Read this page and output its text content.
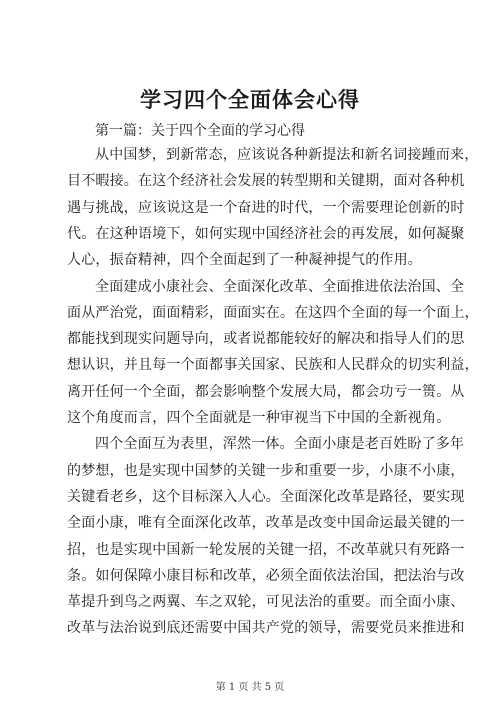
学习四个全面体会心得
第一篇：关于四个全面的学习心得
从中国梦，到新常态，应该说各种新提法和新名词接踵而来，
目不暇接。在这个经济社会发展的转型期和关键期，面对各种机
遇与挑战，应该说这是一个奋进的时代，一个需要理论创新的时
代。在这种语境下，如何实现中国经济社会的再发展，如何凝聚
人心，振奋精神，四个全面起到了一种凝神提气的作用。
全面建成小康社会、全面深化改革、全面推进依法治国、全
面从严治党，面面精彩，面面实在。在这四个全面的每一个面上，
都能找到现实问题导向，或者说都能较好的解决和指导人们的思
想认识，并且每一个面都事关国家、民族和人民群众的切实利益，
离开任何一个全面，都会影响整个发展大局，都会功亏一篑。从
这个角度而言，四个全面就是一种审视当下中国的全新视角。
四个全面互为表里，浑然一体。全面小康是老百姓盼了多年
的梦想，也是实现中国梦的关键一步和重要一步，小康不小康，
关键看老乡，这个目标深入人心。全面深化改革是路径，要实现
全面小康，唯有全面深化改革，改革是改变中国命运最关键的一
招，也是实现中国新一轮发展的关键一招，不改革就只有死路一
条。如何保障小康目标和改革，必须全面依法治国，把法治与改
革提升到鸟之两翼、车之双轮，可见法治的重要。而全面小康、
改革与法治说到底还需要中国共产党的领导，需要党员来推进和
第 1 页 共 5 页
